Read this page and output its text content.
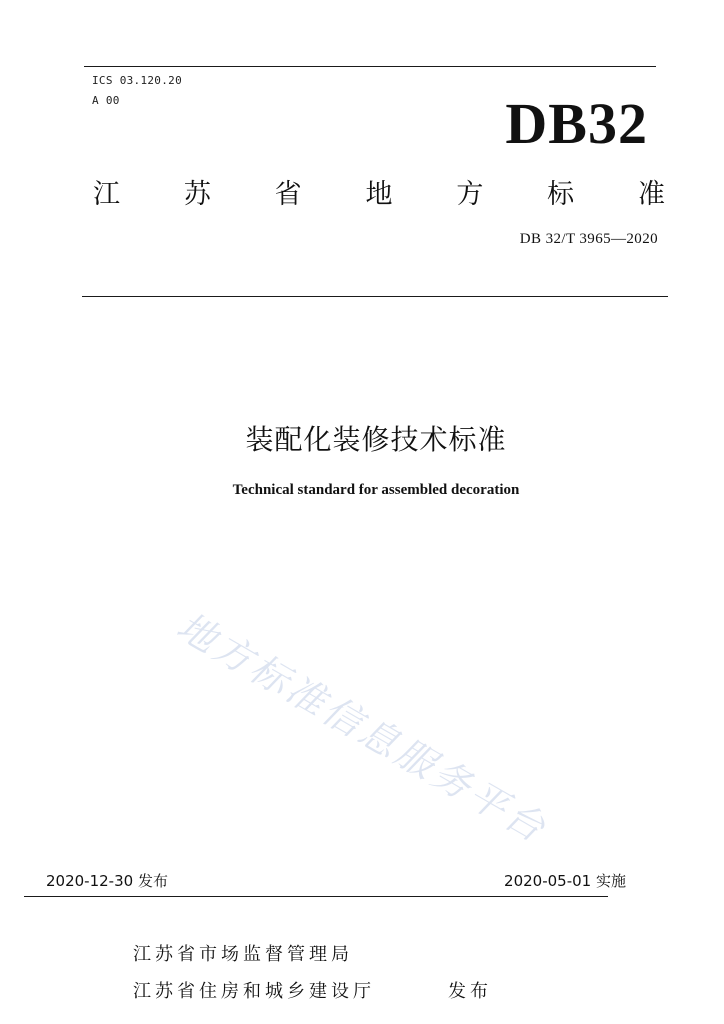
ICS 03.120.20
A 00	DB32
江 苏 省 地 方 标 准
DB 32/T 3965—2020
装配化装修技术标准
Technical standard for assembled decoration
地方标准信息服务平台
2020-12-30 发布	2020-05-01 实施
江苏省市场监督管理局
江苏省住房和城乡建设厅	发布
